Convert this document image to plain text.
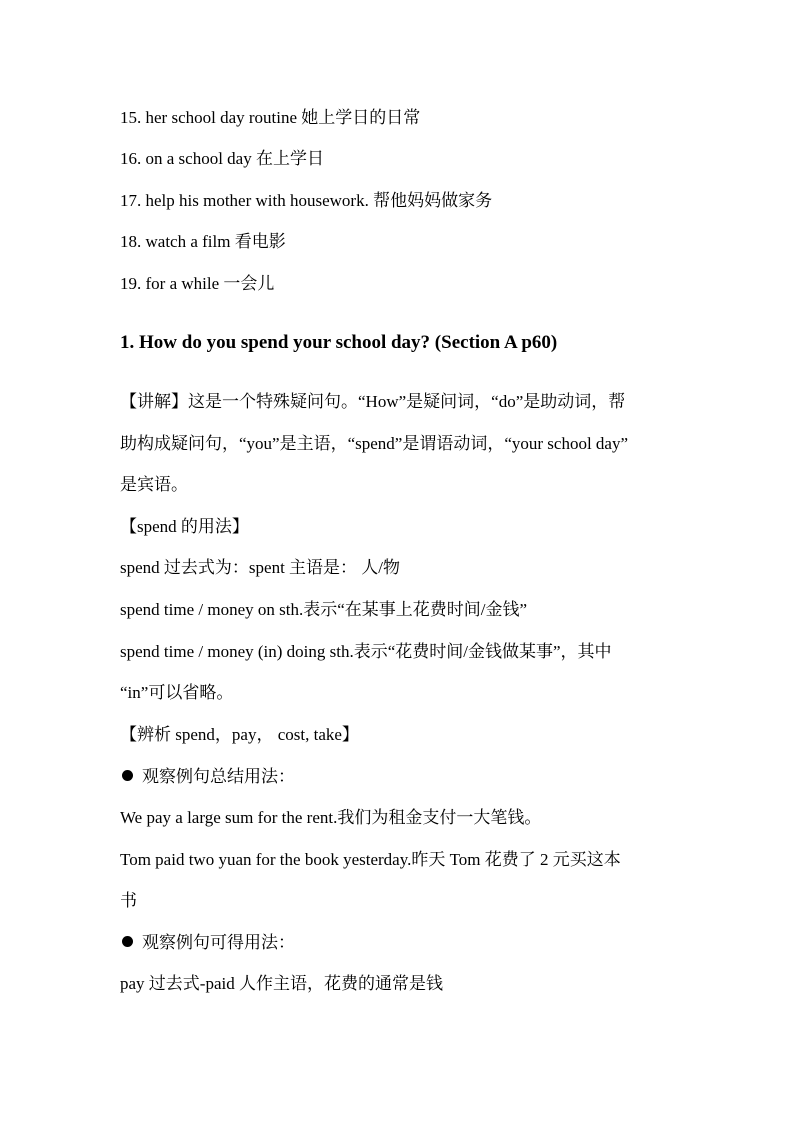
15. her school day routine 她上学日的日常
16. on a school day 在上学日
17. help his mother with housework. 帮他妈妈做家务
18. watch a film 看电影
19. for a while 一会儿
1. How do you spend your school day? (Section A p60)
【讲解】这是一个特殊疑问句。“How”是疑问词，“do”是助动词，帮
助构成疑问句，“you”是主语，“spend”是谓语动词，“your school day”
是宾语。
【spend 的用法】
spend 过去式为：spent 主语是： 人/物
spend time / money on sth.表示“在某事上花费时间/金钱”
spend time / money (in) doing sth.表示“花费时间/金钱做某事”，其中
“in”可以省略。
【辨析 spend，pay， cost, take】
观察例句总结用法：
We pay a large sum for the rent.我们为租金支付一大笔钱。
Tom paid two yuan for the book yesterday.昨天 Tom 花费了 2 元买这本
书
观察例句可得用法：
pay 过去式-paid 人作主语，花费的通常是钱
